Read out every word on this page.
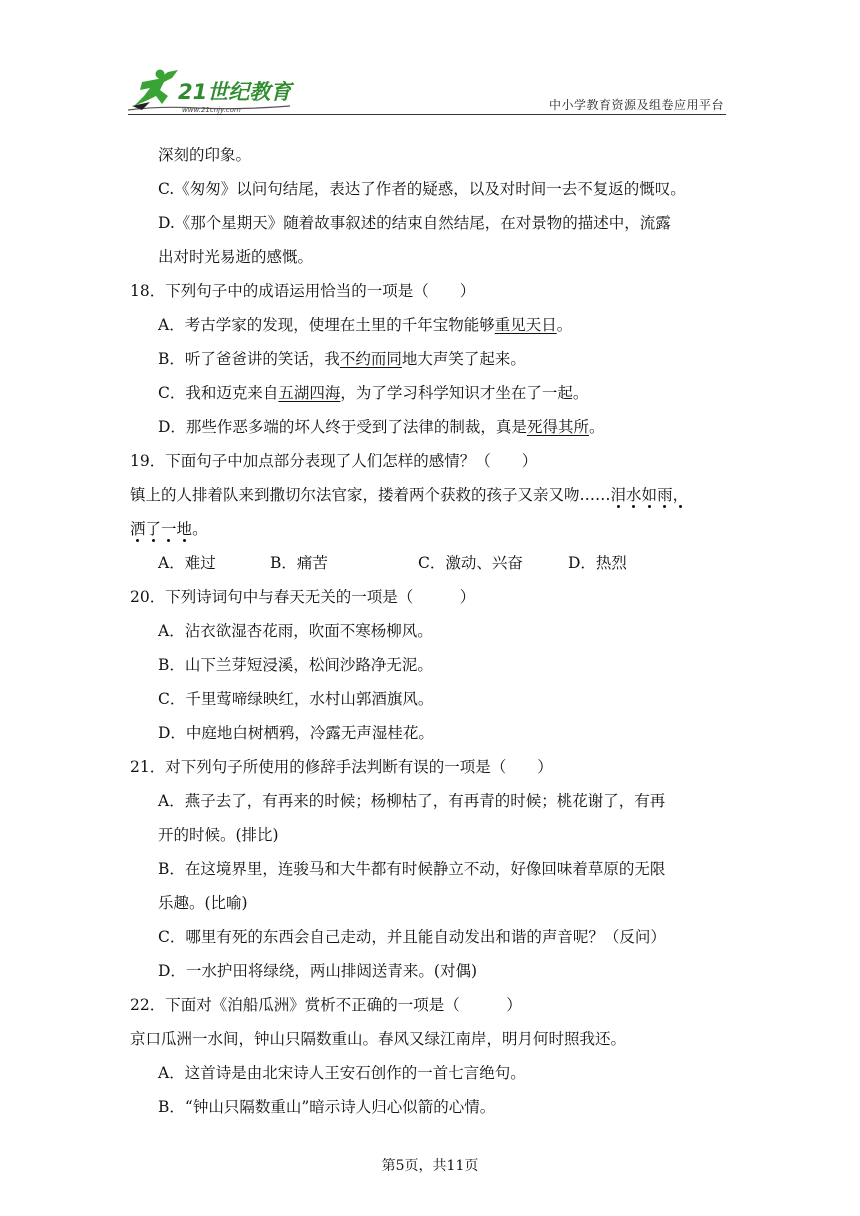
21世纪教育
www.21cnjy.com	中小学教育资源及组卷应用平台
深刻的印象。
C.《匆匆》以问句结尾，表达了作者的疑惑，以及对时间一去不复返的慨叹。
D.《那个星期天》随着故事叙述的结束自然结尾，在对景物的描述中，流露
出对时光易逝的感慨。
18．下列句子中的成语运用恰当的一项是（　　）
A．考古学家的发现，使埋在土里的千年宝物能够重见天日。
B．听了爸爸讲的笑话，我不约而同地大声笑了起来。
C．我和迈克来自五湖四海，为了学习科学知识才坐在了一起。
D．那些作恶多端的坏人终于受到了法律的制裁，真是死得其所。
19．下面句子中加点部分表现了人们怎样的感情？（　　）
镇上的人排着队来到撒切尔法官家，搂着两个获救的孩子又亲又吻……泪水如雨，
洒了一地。
A．难过	B．痛苦	C．激动、兴奋	D．热烈
20．下列诗词句中与春天无关的一项是（　　　）
A．沾衣欲湿杏花雨，吹面不寒杨柳风。
B．山下兰芽短浸溪，松间沙路净无泥。
C．千里莺啼绿映红，水村山郭酒旗风。
D．中庭地白树栖鸦，冷露无声湿桂花。
21．对下列句子所使用的修辞手法判断有误的一项是（　　）
A．燕子去了，有再来的时候；杨柳枯了，有再青的时候；桃花谢了，有再
开的时候。(排比)
B．在这境界里，连骏马和大牛都有时候静立不动，好像回味着草原的无限
乐趣。(比喻)
C．哪里有死的东西会自己走动，并且能自动发出和谐的声音呢？（反问）
D．一水护田将绿绕，两山排闼送青来。(对偶)
22．下面对《泊船瓜洲》赏析不正确的一项是（　　　）
京口瓜洲一水间，钟山只隔数重山。春风又绿江南岸，明月何时照我还。
A．这首诗是由北宋诗人王安石创作的一首七言绝句。
B．“钟山只隔数重山”暗示诗人归心似箭的心情。
第5页，共11页
